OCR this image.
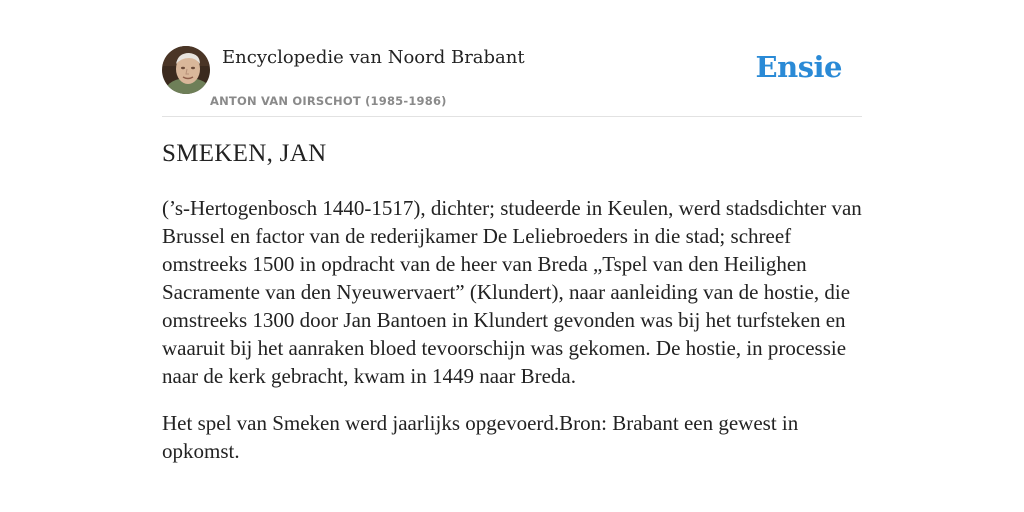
Encyclopedie van Noord Brabant
ANTON VAN OIRSCHOT (1985-1986)
Ensie
SMEKEN, JAN

(’s-Hertogenbosch 1440-1517), dichter; studeerde in Keulen, werd stadsdichter van Brussel en factor van de rederijkamer De Leliebroeders in die stad; schreef omstreeks 1500 in opdracht van de heer van Breda „Tspel van den Heilighen Sacramente van den Nyeuwervaert” (Klundert), naar aanleiding van de hostie, die omstreeks 1300 door Jan Bantoen in Klundert gevonden was bij het turfsteken en waaruit bij het aanraken bloed tevoorschijn was gekomen. De hostie, in processie naar de kerk gebracht, kwam in 1449 naar Breda.

Het spel van Smeken werd jaarlijks opgevoerd.Bron: Brabant een gewest in opkomst.
